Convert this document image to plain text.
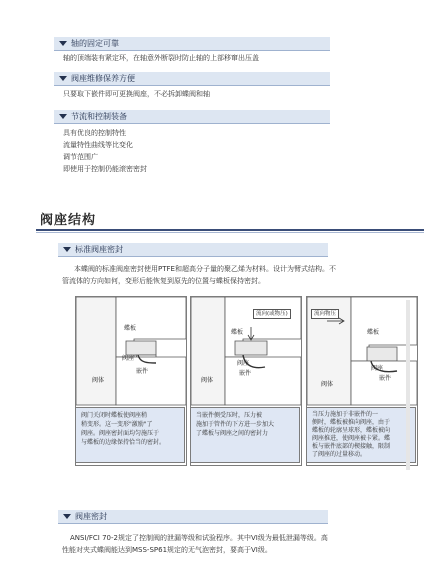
轴的固定可靠
轴的顶端装有紧定环，在轴意外断裂时防止轴的上部移窜出压盖
阀座维修保养方便
只要取下嵌件即可更换阀座，不必拆卸蝶阀和轴
节流和控制装备
具有优良的控制特性
流量特性曲线等比变化
调节范围广
即使用于控制仍能滚密密封
阀座结构
标准阀座密封
本蝶阀的标准阀座密封使用PTFE和超高分子量的聚乙烯为材料。设计为臂式结构。不
管流体的方向如何，变形后能恢复到原先的位置与蝶板保持密封。
蝶板
阀座
嵌件
阀体
阀门关闭时蝶板使阀座稍
稍变形。这一变形"激励"了
阀座。阀座密封面均匀施压于
与蝶板的边缘保持恰当的密封。
流向(或物压)
蝶板
阀座
嵌件
阀体
当嵌件侧受压时，压力被
施加于管件的下方进一步加大
了蝶板与阀座之间的密封力
流向物压
蝶板
阀座
嵌件
阀体
当压力施加于非嵌件的一
侧时，蝶板被推向阀座，由于
蝶板的轮廓呈球形，蝶板被向
阀座推进，使阀座被卡紧。蝶
板与嵌件底部的楔接触，限制
了阀座的过量移动。
阀座密封
ANSI/FCI 70-2规定了控制阀的泄漏等级和试验程序。其中VI级为最低泄漏等级。高
性能对夹式蝶阀能达到MSS-SP61规定的无气泡密封，要高于VI级。
